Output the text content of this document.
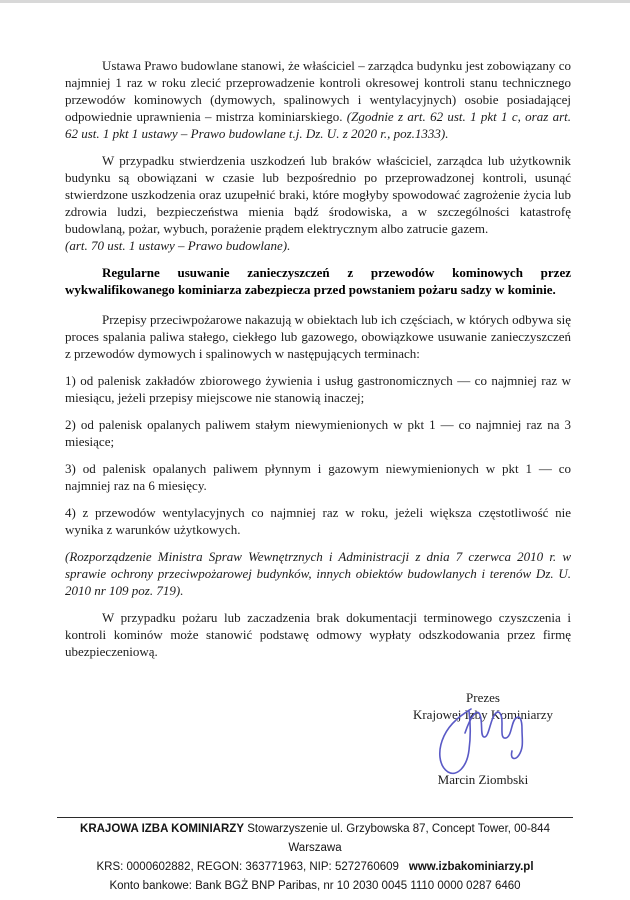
Ustawa Prawo budowlane stanowi, że właściciel – zarządca budynku jest zobowiązany co najmniej 1 raz w roku zlecić przeprowadzenie kontroli okresowej kontroli stanu technicznego przewodów kominowych (dymowych, spalinowych i wentylacyjnych) osobie posiadającej odpowiednie uprawnienia – mistrza kominiarskiego. (Zgodnie z art. 62 ust. 1 pkt 1 c, oraz art. 62 ust. 1 pkt 1 ustawy – Prawo budowlane t.j. Dz. U. z 2020 r., poz.1333).

W przypadku stwierdzenia uszkodzeń lub braków właściciel, zarządca lub użytkownik budynku są obowiązani w czasie lub bezpośrednio po przeprowadzonej kontroli, usunąć stwierdzone uszkodzenia oraz uzupełnić braki, które mogłyby spowodować zagrożenie życia lub zdrowia ludzi, bezpieczeństwa mienia bądź środowiska, a w szczególności katastrofę budowlaną, pożar, wybuch, porażenie prądem elektrycznym albo zatrucie gazem.

(art. 70 ust. 1 ustawy – Prawo budowlane).

Regularne usuwanie zanieczyszczeń z przewodów kominowych przez wykwalifikowanego kominiarza zabezpiecza przed powstaniem pożaru sadzy w kominie.

Przepisy przeciwpożarowe nakazują w obiektach lub ich częściach, w których odbywa się proces spalania paliwa stałego, ciekłego lub gazowego, obowiązkowe usuwanie zanieczyszczeń z przewodów dymowych i spalinowych w następujących terminach:

1) od palenisk zakładów zbiorowego żywienia i usług gastronomicznych — co najmniej raz w miesiącu, jeżeli przepisy miejscowe nie stanowią inaczej;
2) od palenisk opalanych paliwem stałym niewymienionych w pkt 1 — co najmniej raz na 3 miesiące;
3) od palenisk opalanych paliwem płynnym i gazowym niewymienionych w pkt 1 — co najmniej raz na 6 miesięcy.
4) z przewodów wentylacyjnych co najmniej raz w roku, jeżeli większa częstotliwość nie wynika z warunków użytkowych.
(Rozporządzenie Ministra Spraw Wewnętrznych i Administracji z dnia 7 czerwca 2010 r. w sprawie ochrony przeciwpożarowej budynków, innych obiektów budowlanych i terenów Dz. U. 2010 nr 109 poz. 719).

W przypadku pożaru lub zaczadzenia brak dokumentacji terminowego czyszczenia i kontroli kominów może stanowić podstawę odmowy wypłaty odszkodowania przez firmę ubezpieczeniową.

Prezes
Krajowej Izby Kominiarzy
Marcin Ziombski
KRAJOWA IZBA KOMINIARZY Stowarzyszenie ul. Grzybowska 87, Concept Tower, 00-844 Warszawa
KRS: 0000602882, REGON: 363771963, NIP: 5272760609 www.izbakominiarzy.pl
Konto bankowe: Bank BGŻ BNP Paribas, nr 10 2030 0045 1110 0000 0287 6460
